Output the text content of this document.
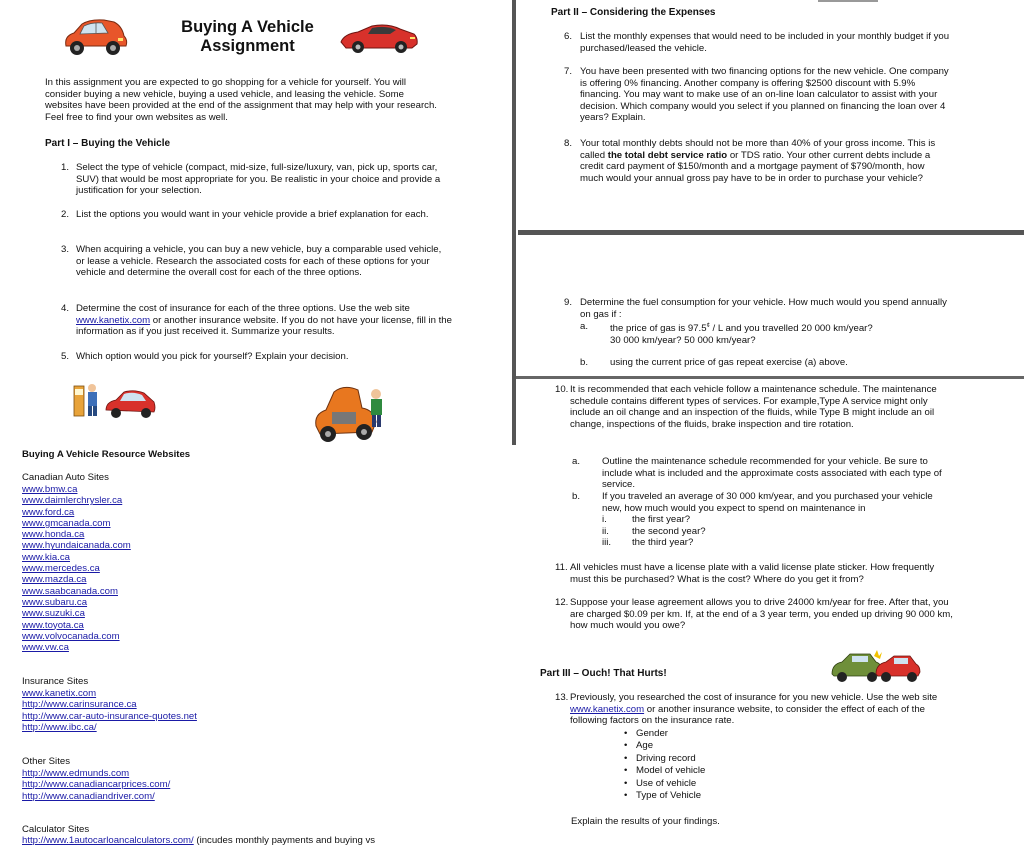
Buying A Vehicle
Assignment

In this assignment you are expected to go shopping for a vehicle for yourself. You will consider buying a new vehicle, buying a used vehicle, and leasing the vehicle. Some websites have been provided at the end of the assignment that may help with your research. Feel free to find your own websites as well.

Part I – Buying the Vehicle
1. Select the type of vehicle (compact, mid-size, full-size/luxury, van, pick up, sports car, SUV) that would be most appropriate for you. Be realistic in your choice and provide a justification for your selection.
2. List the options you would want in your vehicle provide a brief explanation for each.
3. When acquiring a vehicle, you can buy a new vehicle, buy a comparable used vehicle, or lease a vehicle. Research the associated costs for each of these options for your vehicle and determine the overall cost for each of the three options.
4. Determine the cost of insurance for each of the three options. Use the web site www.kanetix.com or another insurance website. If you do not have your license, fill in the information as if you just received it. Summarize your results.
5. Which option would you pick for yourself? Explain your decision.
Buying A Vehicle Resource Websites
Canadian Auto Sites
www.bmw.ca
www.daimlerchrysler.ca
www.ford.ca
www.gmcanada.com
www.honda.ca
www.hyundaicanada.com
www.kia.ca
www.mercedes.ca
www.mazda.ca
www.saabcanada.com
www.subaru.ca
www.suzuki.ca
www.toyota.ca
www.volvocanada.com
www.vw.ca
Insurance Sites
www.kanetix.com
http://www.carinsurance.ca
http://www.car-auto-insurance-quotes.net
http://www.ibc.ca/
Other Sites
http://www.edmunds.com
http://www.canadiancarprices.com/
http://www.canadiandriver.com/
Calculator Sites
http://www.1autocarloancalculators.com/ (incudes monthly payments and buying vs
Part II – Considering the Expenses
6. List the monthly expenses that would need to be included in your monthly budget if you purchased/leased the vehicle.
7. You have been presented with two financing options for the new vehicle. One company is offering 0% financing. Another company is offering $2500 discount with 5.9% financing. You may want to make use of an on-line loan calculator to assist with your decision. Which company would you select if you planned on financing the loan over 4 years? Explain.
8. Your total monthly debts should not be more than 40% of your gross income. This is called the total debt service ratio or TDS ratio. Your other current debts include a credit card payment of $150/month and a mortgage payment of $790/month, how much would your annual gross pay have to be in order to purchase your vehicle?
9. Determine the fuel consumption for your vehicle. How much would you spend annually on gas if :
a. the price of gas is 97.5¢ / L and you travelled 20 000 km/year?
30 000 km/year? 50 000 km/year?
b. using the current price of gas repeat exercise (a) above.
10. It is recommended that each vehicle follow a maintenance schedule. The maintenance schedule contains different types of services. For example,Type A service might only include an oil change and an inspection of the fluids, while Type B might include an oil change, inspections of the fluids, brake inspection and tire rotation.
a. Outline the maintenance schedule recommended for your vehicle. Be sure to include what is included and the approximate costs associated with each type of service.
b. If you traveled an average of 30 000 km/year, and you purchased your vehicle new, how much would you expect to spend on maintenance in
i.	the first year?
ii. the second year?
iii. the third year?
11. All vehicles must have a license plate with a valid license plate sticker. How frequently must this be purchased? What is the cost? Where do you get it from?
12. Suppose your lease agreement allows you to drive 24000 km/year for free. After that, you are charged $0.09 per km. If, at the end of a 3 year term, you ended up driving 90 000 km, how much would you owe?
Part III – Ouch! That Hurts!
13. Previously, you researched the cost of insurance for you new vehicle. Use the web site www.kanetix.com or another insurance website, to consider the effect of each of the following factors on the insurance rate.
• Gender
• Age
• Driving record
• Model of vehicle
• Use of vehicle
• Type of Vehicle
Explain the results of your findings.
